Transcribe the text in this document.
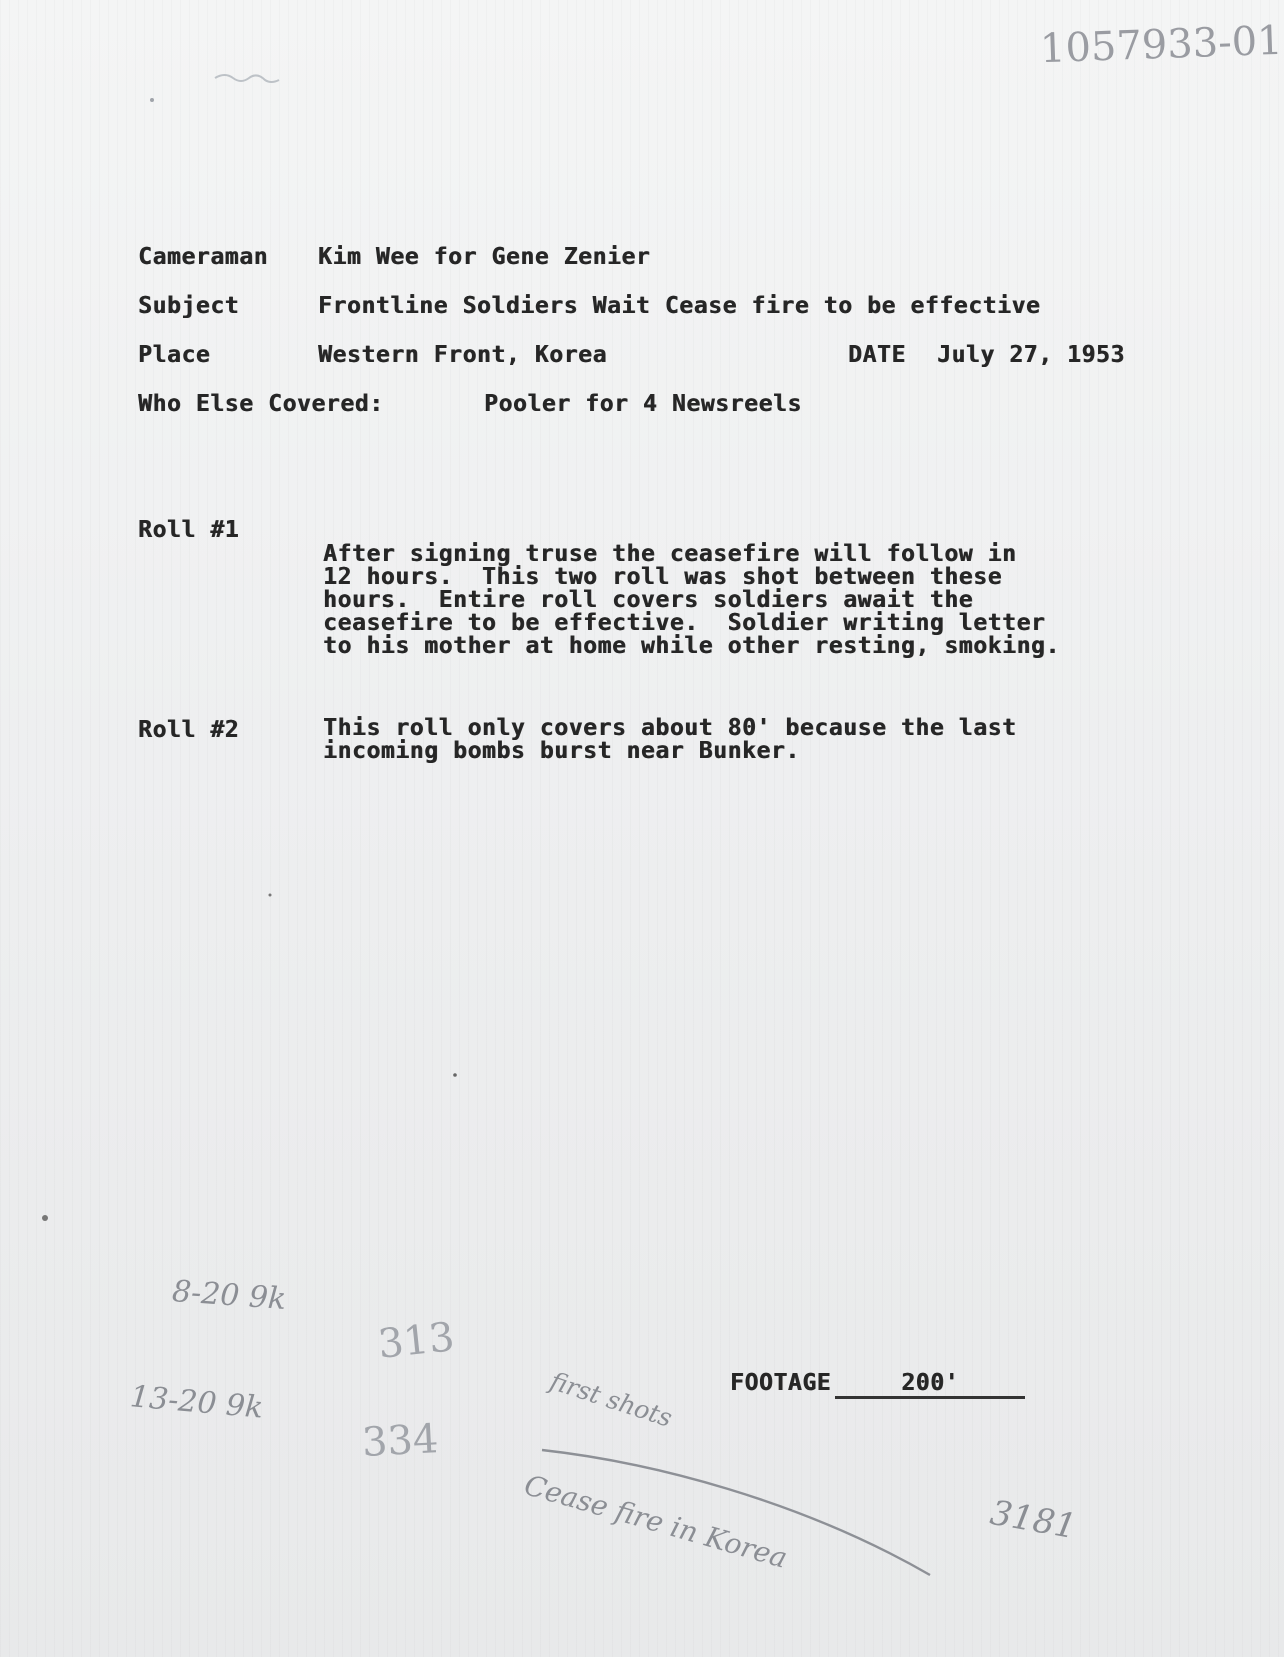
1057933-01
Cameraman Kim Wee for Gene Zenier
Subject	Frontline Soldiers Wait Cease fire to be effective
Place	Western Front, Korea	DATE July 27, 1953
Who Else Covered:	Pooler for 4 Newsreels
Roll #1
After signing truse the ceasefire will follow in
12 hours.  This two roll was shot between these
hours.  Entire roll covers soldiers await the
ceasefire to be effective.  Soldier writing letter
to his mother at home while other resting, smoking.
Roll #2	This roll only covers about 80' because the last
incoming bombs burst near Bunker.
FOOTAGE	200'
8-20 9k
13-20 9k
313
334
first shots
Cease fire in Korea	3181
